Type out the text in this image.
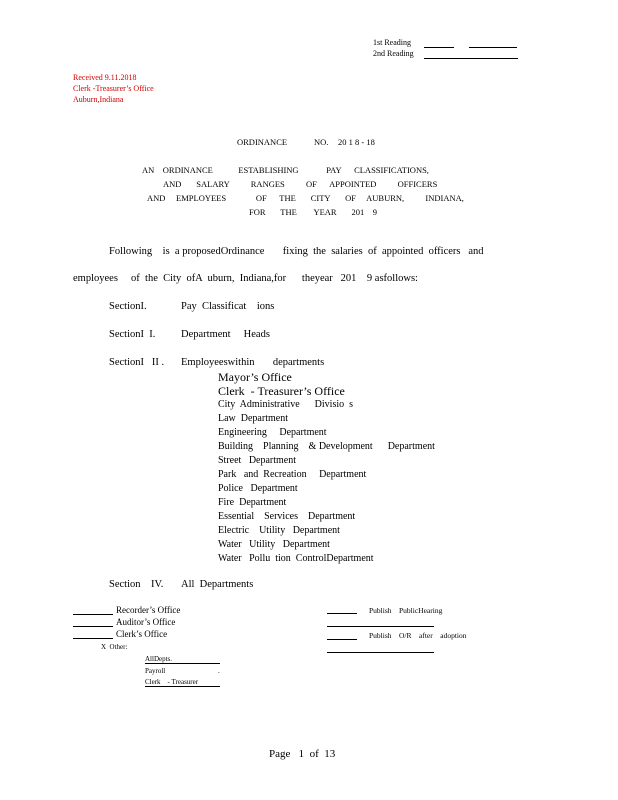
1st Reading
2nd Reading
Received 9.11.2018
Clerk -Treasurer’s Office
Auburn,Indiana
ORDINANCE	NO. 20 1 8 - 18
AN    ORDINANCE            ESTABLISHING             PAY      CLASSIFICATIONS,
AND       SALARY          RANGES          OF      APPOINTED          OFFICERS
AND     EMPLOYEES              OF      THE       CITY       OF     AUBURN,          INDIANA,
FOR       THE        YEAR       201    9
Following    is  a proposedOrdinance       fixing  the  salaries  of  appointed  officers   and
employees     of  the  City  ofA  uburn,  Indiana,for      theyear   201    9 asfollows:
SectionI.	Pay  Classificat    ions
SectionI  I. Department     Heads
SectionI   II . Employeeswithin       departments
Mayor’s Office
Clerk  - Treasurer’s Office
City  Administrative      Divisio  s
Law  Department
Engineering     Department
Building    Planning    & Development      Department
Street   Department
Park   and  Recreation     Department
Police   Department
Fire  Department
Essential    Services    Department
Electric    Utility   Department
Water   Utility   Department
Water   Pollu  tion  ControlDepartment
Section    IV. All  Departments
Recorder’s Office
Auditor’s Office
Clerk’s Office
X  Other:
AllDepts.
Payroll	.
Clerk    - Treasurer
Publish    PublicHearing
Publish    O/R    after    adoption
Page   1  of  13
